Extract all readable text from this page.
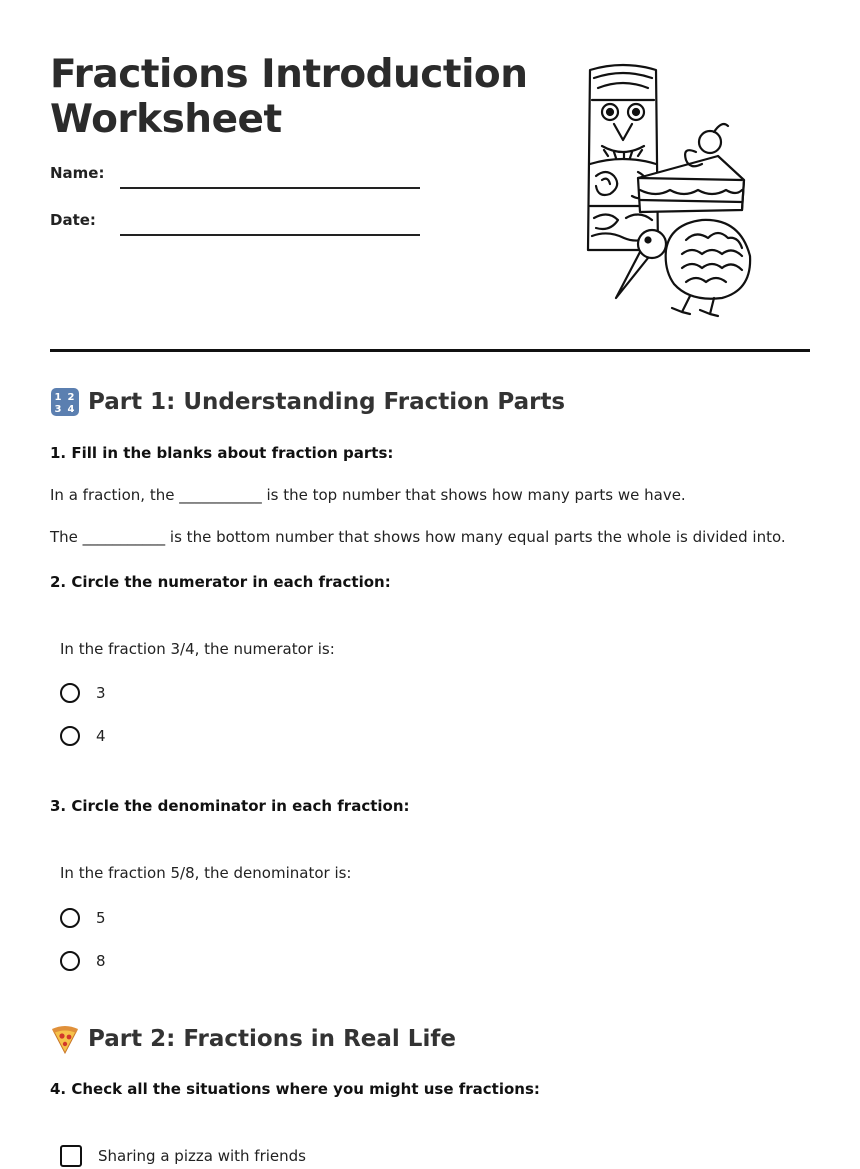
Fractions Introduction Worksheet
Name:
Date:
1 2
3 4 Part 1: Understanding Fraction Parts
1. Fill in the blanks about fraction parts:
In a fraction, the ___________ is the top number that shows how many parts we have.
The ___________ is the bottom number that shows how many equal parts the whole is divided into.
2. Circle the numerator in each fraction:
In the fraction 3/4, the numerator is:
3
4
3. Circle the denominator in each fraction:
In the fraction 5/8, the denominator is:
5
8
Part 2: Fractions in Real Life
4. Check all the situations where you might use fractions:
Sharing a pizza with friends
